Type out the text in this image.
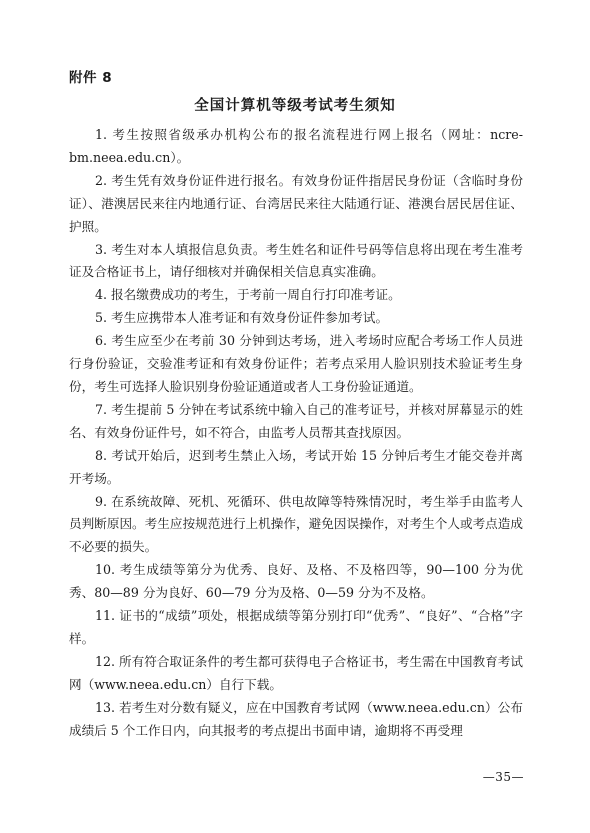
附件 8
全国计算机等级考试考生须知

1. 考生按照省级承办机构公布的报名流程进行网上报名（网址：ncre-bm.neea.edu.cn）。

2. 考生凭有效身份证件进行报名。有效身份证件指居民身份证（含临时身份证）、港澳居民来往内地通行证、台湾居民来往大陆通行证、港澳台居民居住证、护照。

3. 考生对本人填报信息负责。考生姓名和证件号码等信息将出现在考生准考证及合格证书上，请仔细核对并确保相关信息真实准确。

4. 报名缴费成功的考生，于考前一周自行打印准考证。

5. 考生应携带本人准考证和有效身份证件参加考试。

6. 考生应至少在考前 30 分钟到达考场，进入考场时应配合考场工作人员进行身份验证，交验准考证和有效身份证件；若考点采用人脸识别技术验证考生身份，考生可选择人脸识别身份验证通道或者人工身份验证通道。

7. 考生提前 5 分钟在考试系统中输入自己的准考证号，并核对屏幕显示的姓名、有效身份证件号，如不符合，由监考人员帮其查找原因。

8. 考试开始后，迟到考生禁止入场，考试开始 15 分钟后考生才能交卷并离开考场。

9. 在系统故障、死机、死循环、供电故障等特殊情况时，考生举手由监考人员判断原因。考生应按规范进行上机操作，避免因误操作，对考生个人或考点造成不必要的损失。

10. 考生成绩等第分为优秀、良好、及格、不及格四等，90—100 分为优秀、80—89 分为良好、60—79 分为及格、0—59 分为不及格。

11. 证书的“成绩”项处，根据成绩等第分别打印“优秀”、“良好”、“合格”字样。

12. 所有符合取证条件的考生都可获得电子合格证书，考生需在中国教育考试网（www.neea.edu.cn）自行下载。

13. 若考生对分数有疑义，应在中国教育考试网（www.neea.edu.cn）公布成绩后 5 个工作日内，向其报考的考点提出书面申请，逾期将不再受理

—35—
